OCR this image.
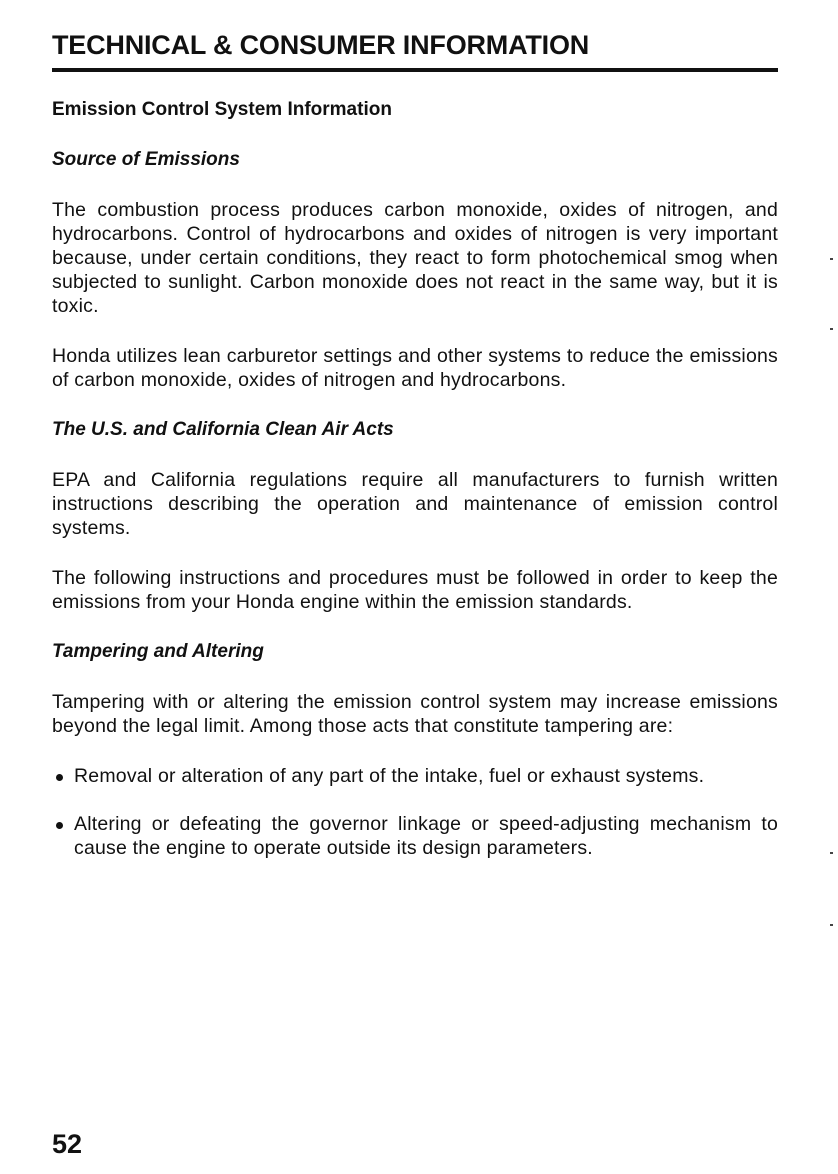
TECHNICAL & CONSUMER INFORMATION
Emission Control System Information
Source of Emissions

The combustion process produces carbon monoxide, oxides of nitrogen, and hydrocarbons. Control of hydrocarbons and oxides of nitrogen is very important because, under certain conditions, they react to form photochemical smog when subjected to sunlight. Carbon monoxide does not react in the same way, but it is toxic.

Honda utilizes lean carburetor settings and other systems to reduce the emissions of carbon monoxide, oxides of nitrogen and hydrocarbons.

The U.S. and California Clean Air Acts

EPA and California regulations require all manufacturers to furnish written instructions describing the operation and maintenance of emission control systems.

The following instructions and procedures must be followed in order to keep the emissions from your Honda engine within the emission standards.

Tampering and Altering

Tampering with or altering the emission control system may increase emissions beyond the legal limit. Among those acts that constitute tampering are:

Removal or alteration of any part of the intake, fuel or exhaust systems.
Altering or defeating the governor linkage or speed-adjusting mechanism to cause the engine to operate outside its design parameters.
52
